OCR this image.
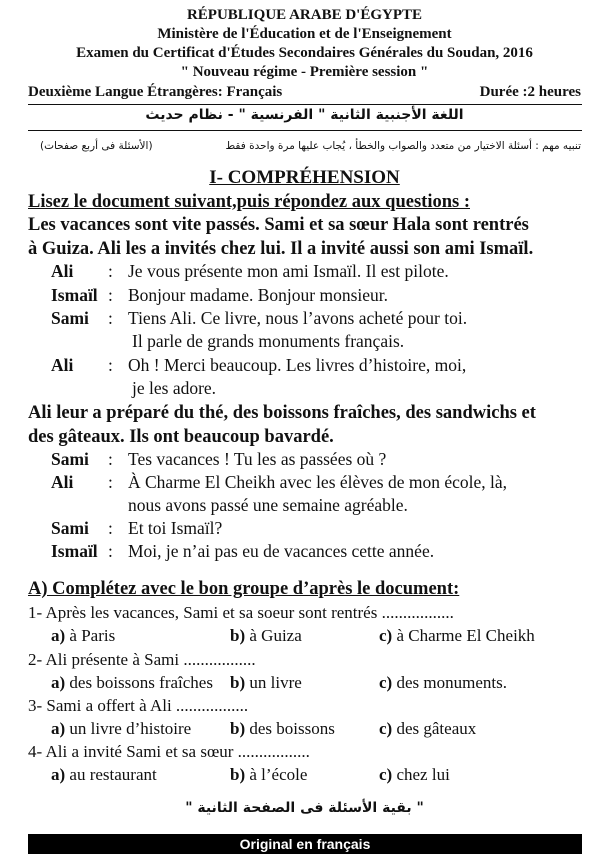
RÉPUBLIQUE ARABE D'ÉGYPTE
Ministère de l'Éducation et de l'Enseignement
Examen du Certificat d'Études Secondaires Générales du Soudan, 2016
" Nouveau régime - Première session "
Deuxième Langue Étrangères: Français	Durée :2 heures
اللغة الأجنبية الثانية " الفرنسية " - نظام حديث
تنبيه مهم : أسئلة الاختيار من متعدد والصواب والخطأ ، يُجاب عليها مرة واحدة فقط
(الأسئلة فى أربع صفحات)
I- COMPRÉHENSION
Lisez le document suivant,puis répondez aux questions :
Les vacances sont vite passés. Sami et sa sœur Hala sont rentrés
à Guiza. Ali les a invités chez lui. Il a invité aussi son ami Ismaïl.
Ali : Je vous présente mon ami Ismaïl. Il est pilote.
Ismaïl : Bonjour madame. Bonjour monsieur.
Sami : Tiens Ali. Ce livre, nous l’avons acheté pour toi.
Il parle de grands monuments français.
Ali : Oh ! Merci beaucoup. Les livres d’histoire, moi,
je les adore.
Ali leur a préparé du thé, des boissons fraîches, des sandwichs et
des gâteaux. Ils ont beaucoup bavardé.
Sami : Tes vacances ! Tu les as passées où ?
Ali : À Charme El Cheikh avec les élèves de mon école, là,
nous avons passé une semaine agréable.
Sami : Et toi Ismaïl?
Ismaïl : Moi, je n’ai pas eu de vacances cette année.
A) Complétez avec le bon groupe d’après le document:
1- Après les vacances, Sami et sa soeur sont rentrés .................
a) à Paris	b) à Guiza	c) à Charme El Cheikh
2- Ali présente à Sami .................
a) des boissons fraîches b) un livre	c) des monuments.
3- Sami a offert à Ali .................
a) un livre d’histoire b) des boissons	c) des gâteaux
4- Ali a invité Sami et sa sœur .................
a) au restaurant	b) à l’école	c) chez lui
" بقية الأسئلة فى الصفحة الثانية "
Original en français
